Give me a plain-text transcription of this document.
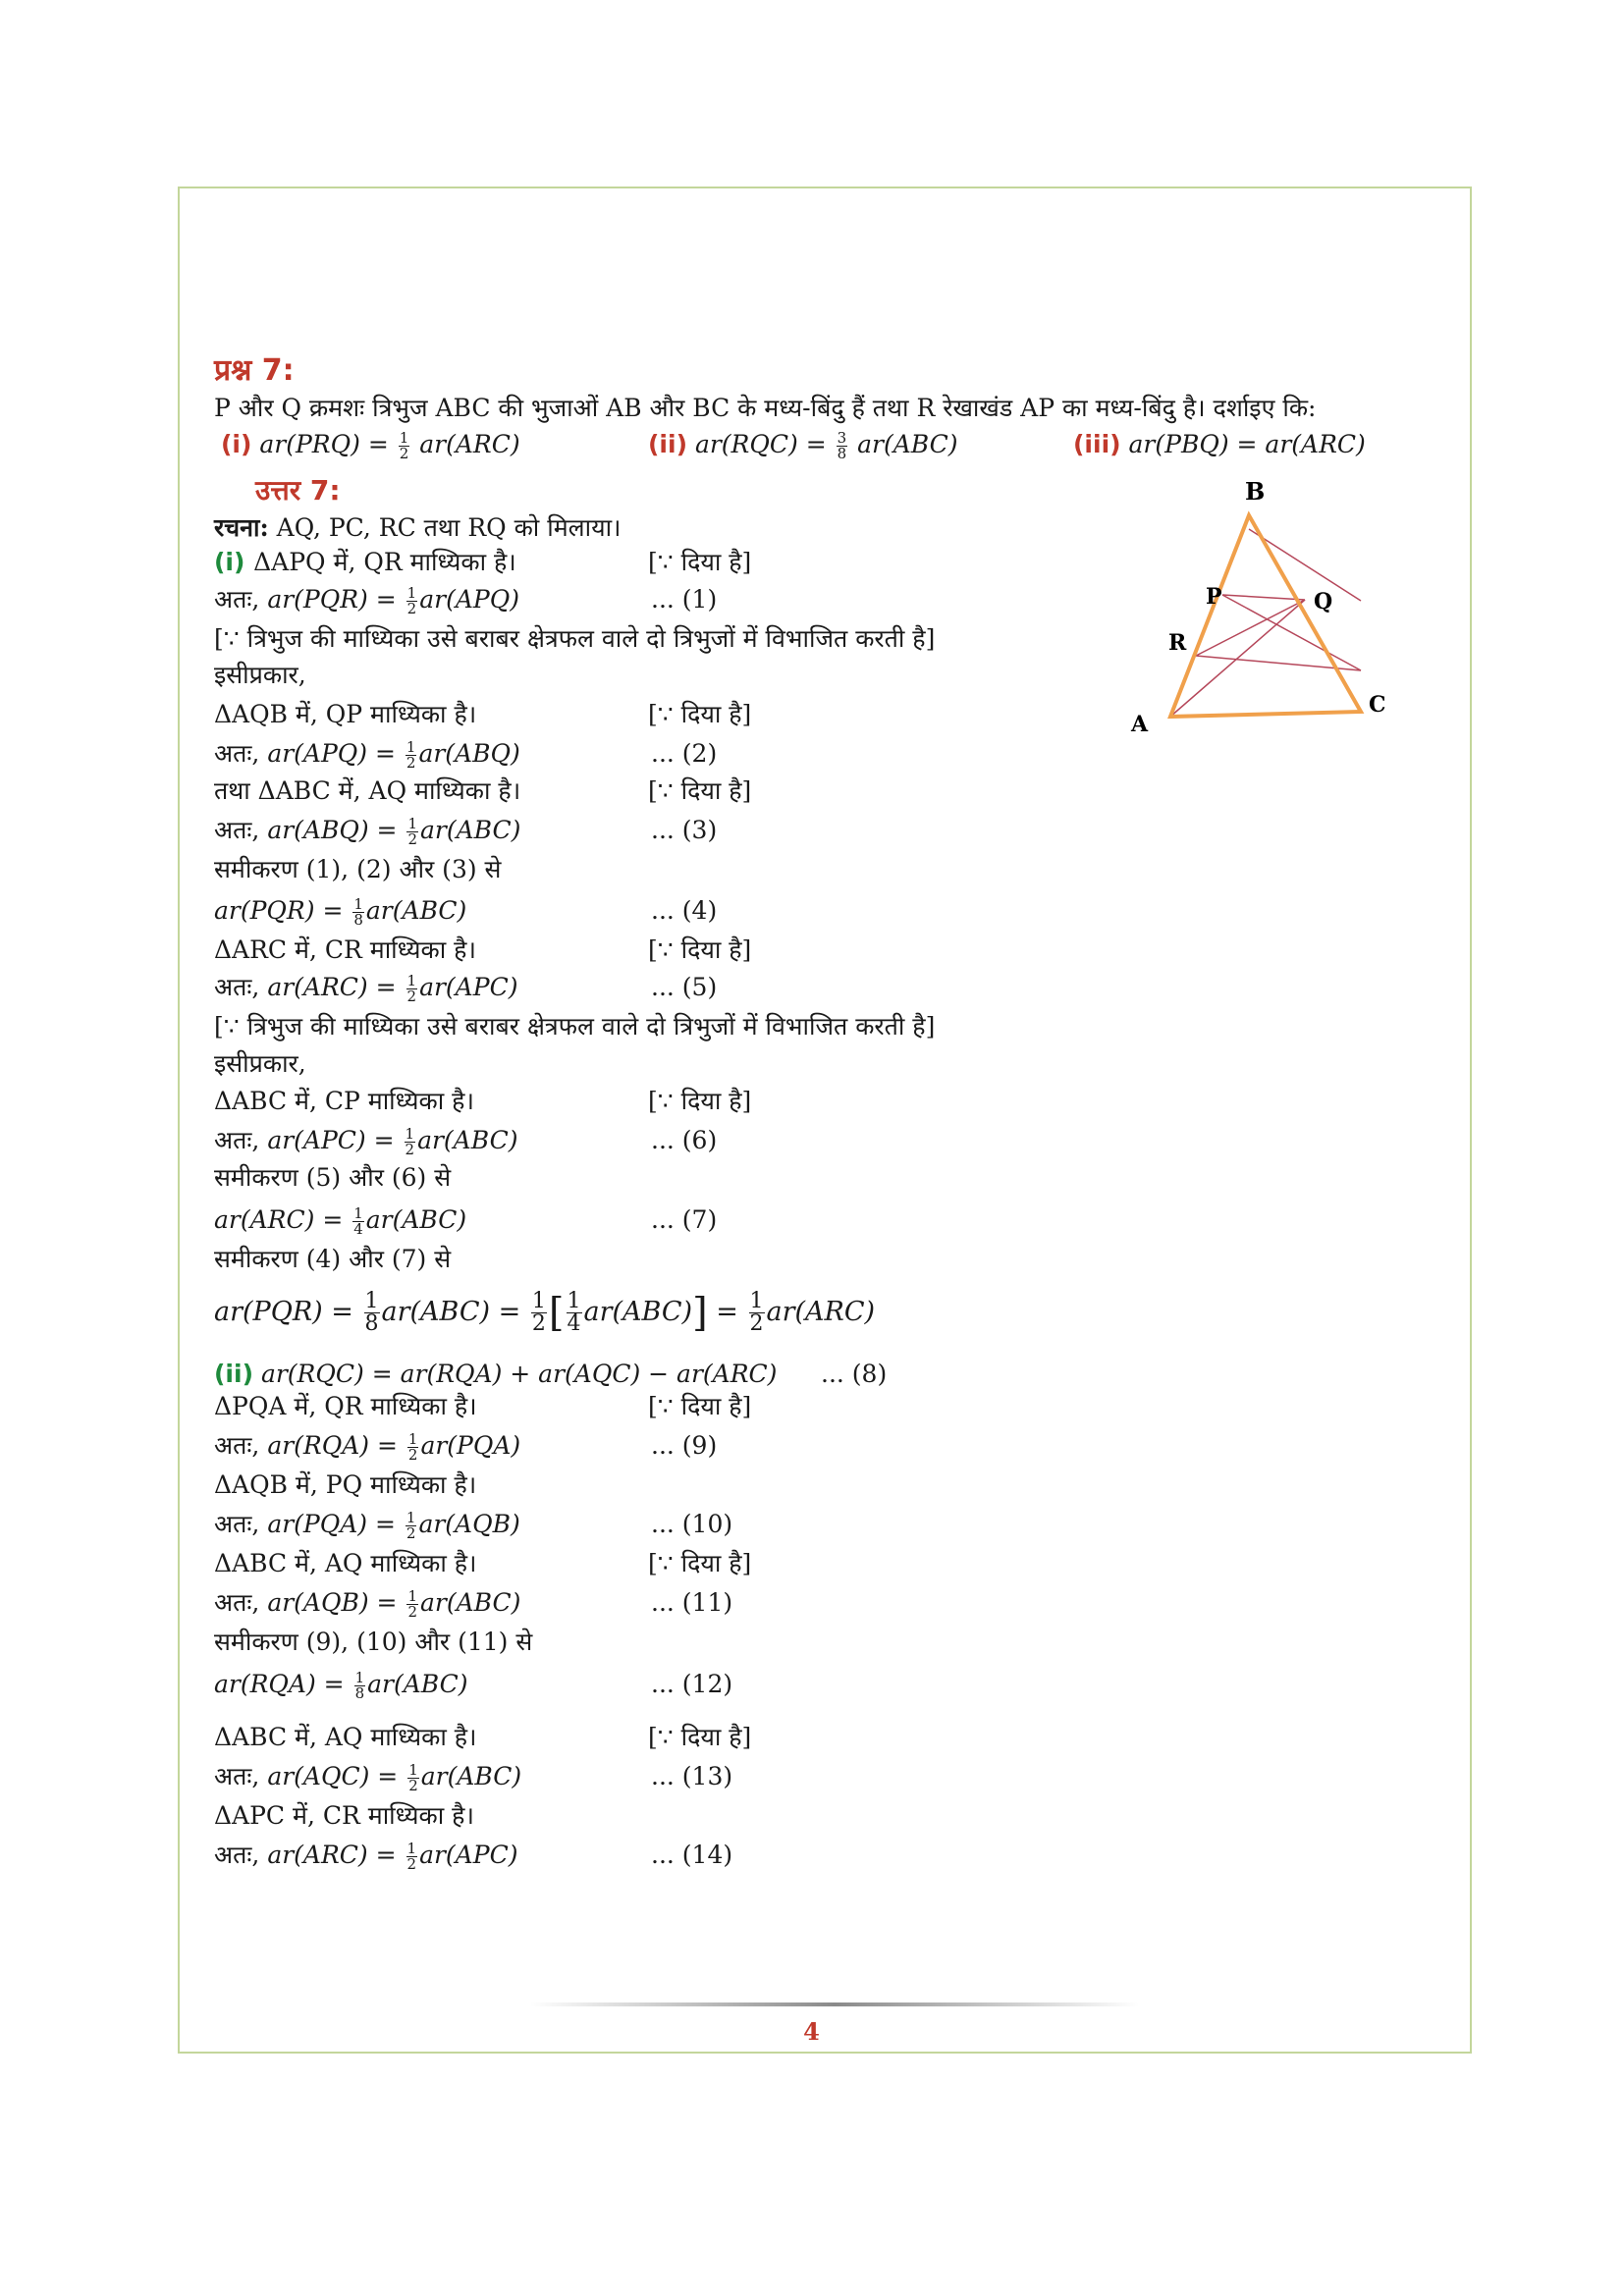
प्रश्न 7:
P और Q क्रमशः त्रिभुज ABC की भुजाओं AB और BC के मध्य-बिंदु हैं तथा R रेखाखंड AP का मध्य-बिंदु है। दर्शाइए कि:
(i) $ar(PRQ) = \frac{1}{2} ar(ARC)$	(ii) $ar(RQC) = \frac{3}{8} ar(ABC)$	(iii) ar(PBQ) = ar(ARC)
उत्तर 7:
रचना: AQ, PC, RC तथा RQ को मिलाया।
(i) ΔAPQ में, QR माध्यिका है।	[∵ दिया है]
अतः, $ar(PQR) = \frac{1}{2} ar(APQ)$	... (1)
[∵ त्रिभुज की माध्यिका उसे बराबर क्षेत्रफल वाले दो त्रिभुजों में विभाजित करती है]
इसीप्रकार,
ΔAQB में, QP माध्यिका है।	[∵ दिया है]
अतः, $ar(APQ) = \frac{1}{2} ar(ABQ)$	... (2)
तथा ΔABC में, AQ माध्यिका है।	[∵ दिया है]
अतः, $ar(ABQ) = \frac{1}{2} ar(ABC)$	... (3)
समीकरण (1), (2) और (3) से
$ar(PQR) = \frac{1}{8} ar(ABC)$	... (4)
ΔARC में, CR माध्यिका है।	[∵ दिया है]
अतः, $ar(ARC) = \frac{1}{2} ar(APC)$	... (5)
[∵ त्रिभुज की माध्यिका उसे बराबर क्षेत्रफल वाले दो त्रिभुजों में विभाजित करती है]
इसीप्रकार,
ΔABC में, CP माध्यिका है।	[∵ दिया है]
अतः, $ar(APC) = \frac{1}{2} ar(ABC)$	... (6)
समीकरण (5) और (6) से
$ar(ARC) = \frac{1}{4} ar(ABC)$	... (7)
समीकरण (4) और (7) से
$ar(PQR) = \frac{1}{8} ar(ABC) = \frac{1}{2}$ [ $\frac{1}{4} ar(ABC)] = \frac{1}{2} ar(ARC)$
(ii) ar(RQC) = ar(RQA) + ar(AQC) − ar(ARC) ... (8)
ΔPQA में, QR माध्यिका है।	[∵ दिया है]
अतः, $ar(RQA) = \frac{1}{2} ar(PQA)$	... (9)
ΔAQB में, PQ माध्यिका है।
अतः, $ar(PQA) = \frac{1}{2} ar(AQB)$	... (10)
ΔABC में, AQ माध्यिका है।	[∵ दिया है]
अतः, $ar(AQB) = \frac{1}{2} ar(ABC)$	... (11)
समीकरण (9), (10) और (11) से
$ar(RQA) = \frac{1}{8} ar(ABC)$	... (12)
ΔABC में, AQ माध्यिका है।	[∵ दिया है]
अतः, $ar(AQC) = \frac{1}{2} ar(ABC)$	... (13)
ΔAPC में, CR माध्यिका है।
अतः, $ar(ARC) = \frac{1}{2} ar(APC)$	... (14)
B
P	Q
R
C
A
4
